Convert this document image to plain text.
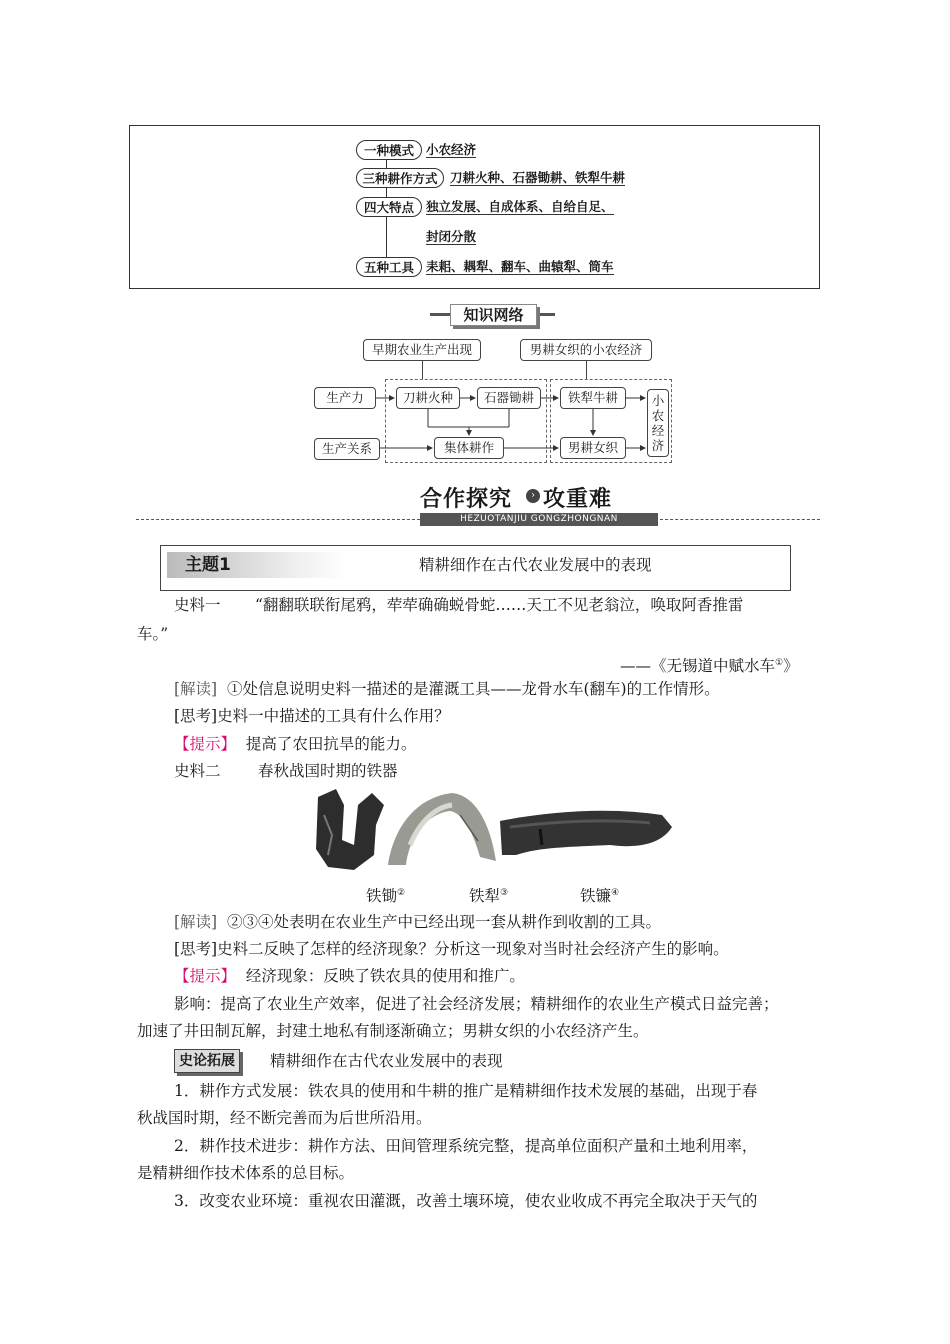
一种模式 小农经济
三种耕作方式	刀耕火种、石器锄耕、铁犁牛耕
四大特点 独立发展、自成体系、自给自足、
封闭分散
五种工具 耒耜、耦犁、翻车、曲辕犁、筒车
知识网络
早期农业生产出现	男耕女织的小农经济
生产力
生产关系
刀耕火种	石器锄耕
集体耕作
铁犁牛耕
男耕女织
小农经济
合作探究	› 攻重难
HEZUOTANJIU GONGZHONGNAN
主题1	精耕细作在古代农业发展中的表现
史料一 “翻翻联联衔尾鸦，荦荦确确蜕骨蛇……天工不见老翁泣，唤取阿香推雷
车。”
——《无锡道中赋水车①》
[解读] ①处信息说明史料一描述的是灌溉工具——龙骨水车(翻车)的工作情形。
[思考]史料一中描述的工具有什么作用？
【提示】 提高了农田抗旱的能力。
史料二 春秋战国时期的铁器
铁锄②	铁犁③	铁镰④
[解读] ②③④处表明在农业生产中已经出现一套从耕作到收割的工具。
[思考]史料二反映了怎样的经济现象？分析这一现象对当时社会经济产生的影响。
【提示】 经济现象：反映了铁农具的使用和推广。
影响：提高了农业生产效率，促进了社会经济发展；精耕细作的农业生产模式日益完善；
加速了井田制瓦解，封建土地私有制逐渐确立；男耕女织的小农经济产生。
史论拓展	精耕细作在古代农业发展中的表现
1．耕作方式发展：铁农具的使用和牛耕的推广是精耕细作技术发展的基础，出现于春
秋战国时期，经不断完善而为后世所沿用。
2．耕作技术进步：耕作方法、田间管理系统完整，提高单位面积产量和土地利用率，
是精耕细作技术体系的总目标。
3．改变农业环境：重视农田灌溉，改善土壤环境，使农业收成不再完全取决于天气的
